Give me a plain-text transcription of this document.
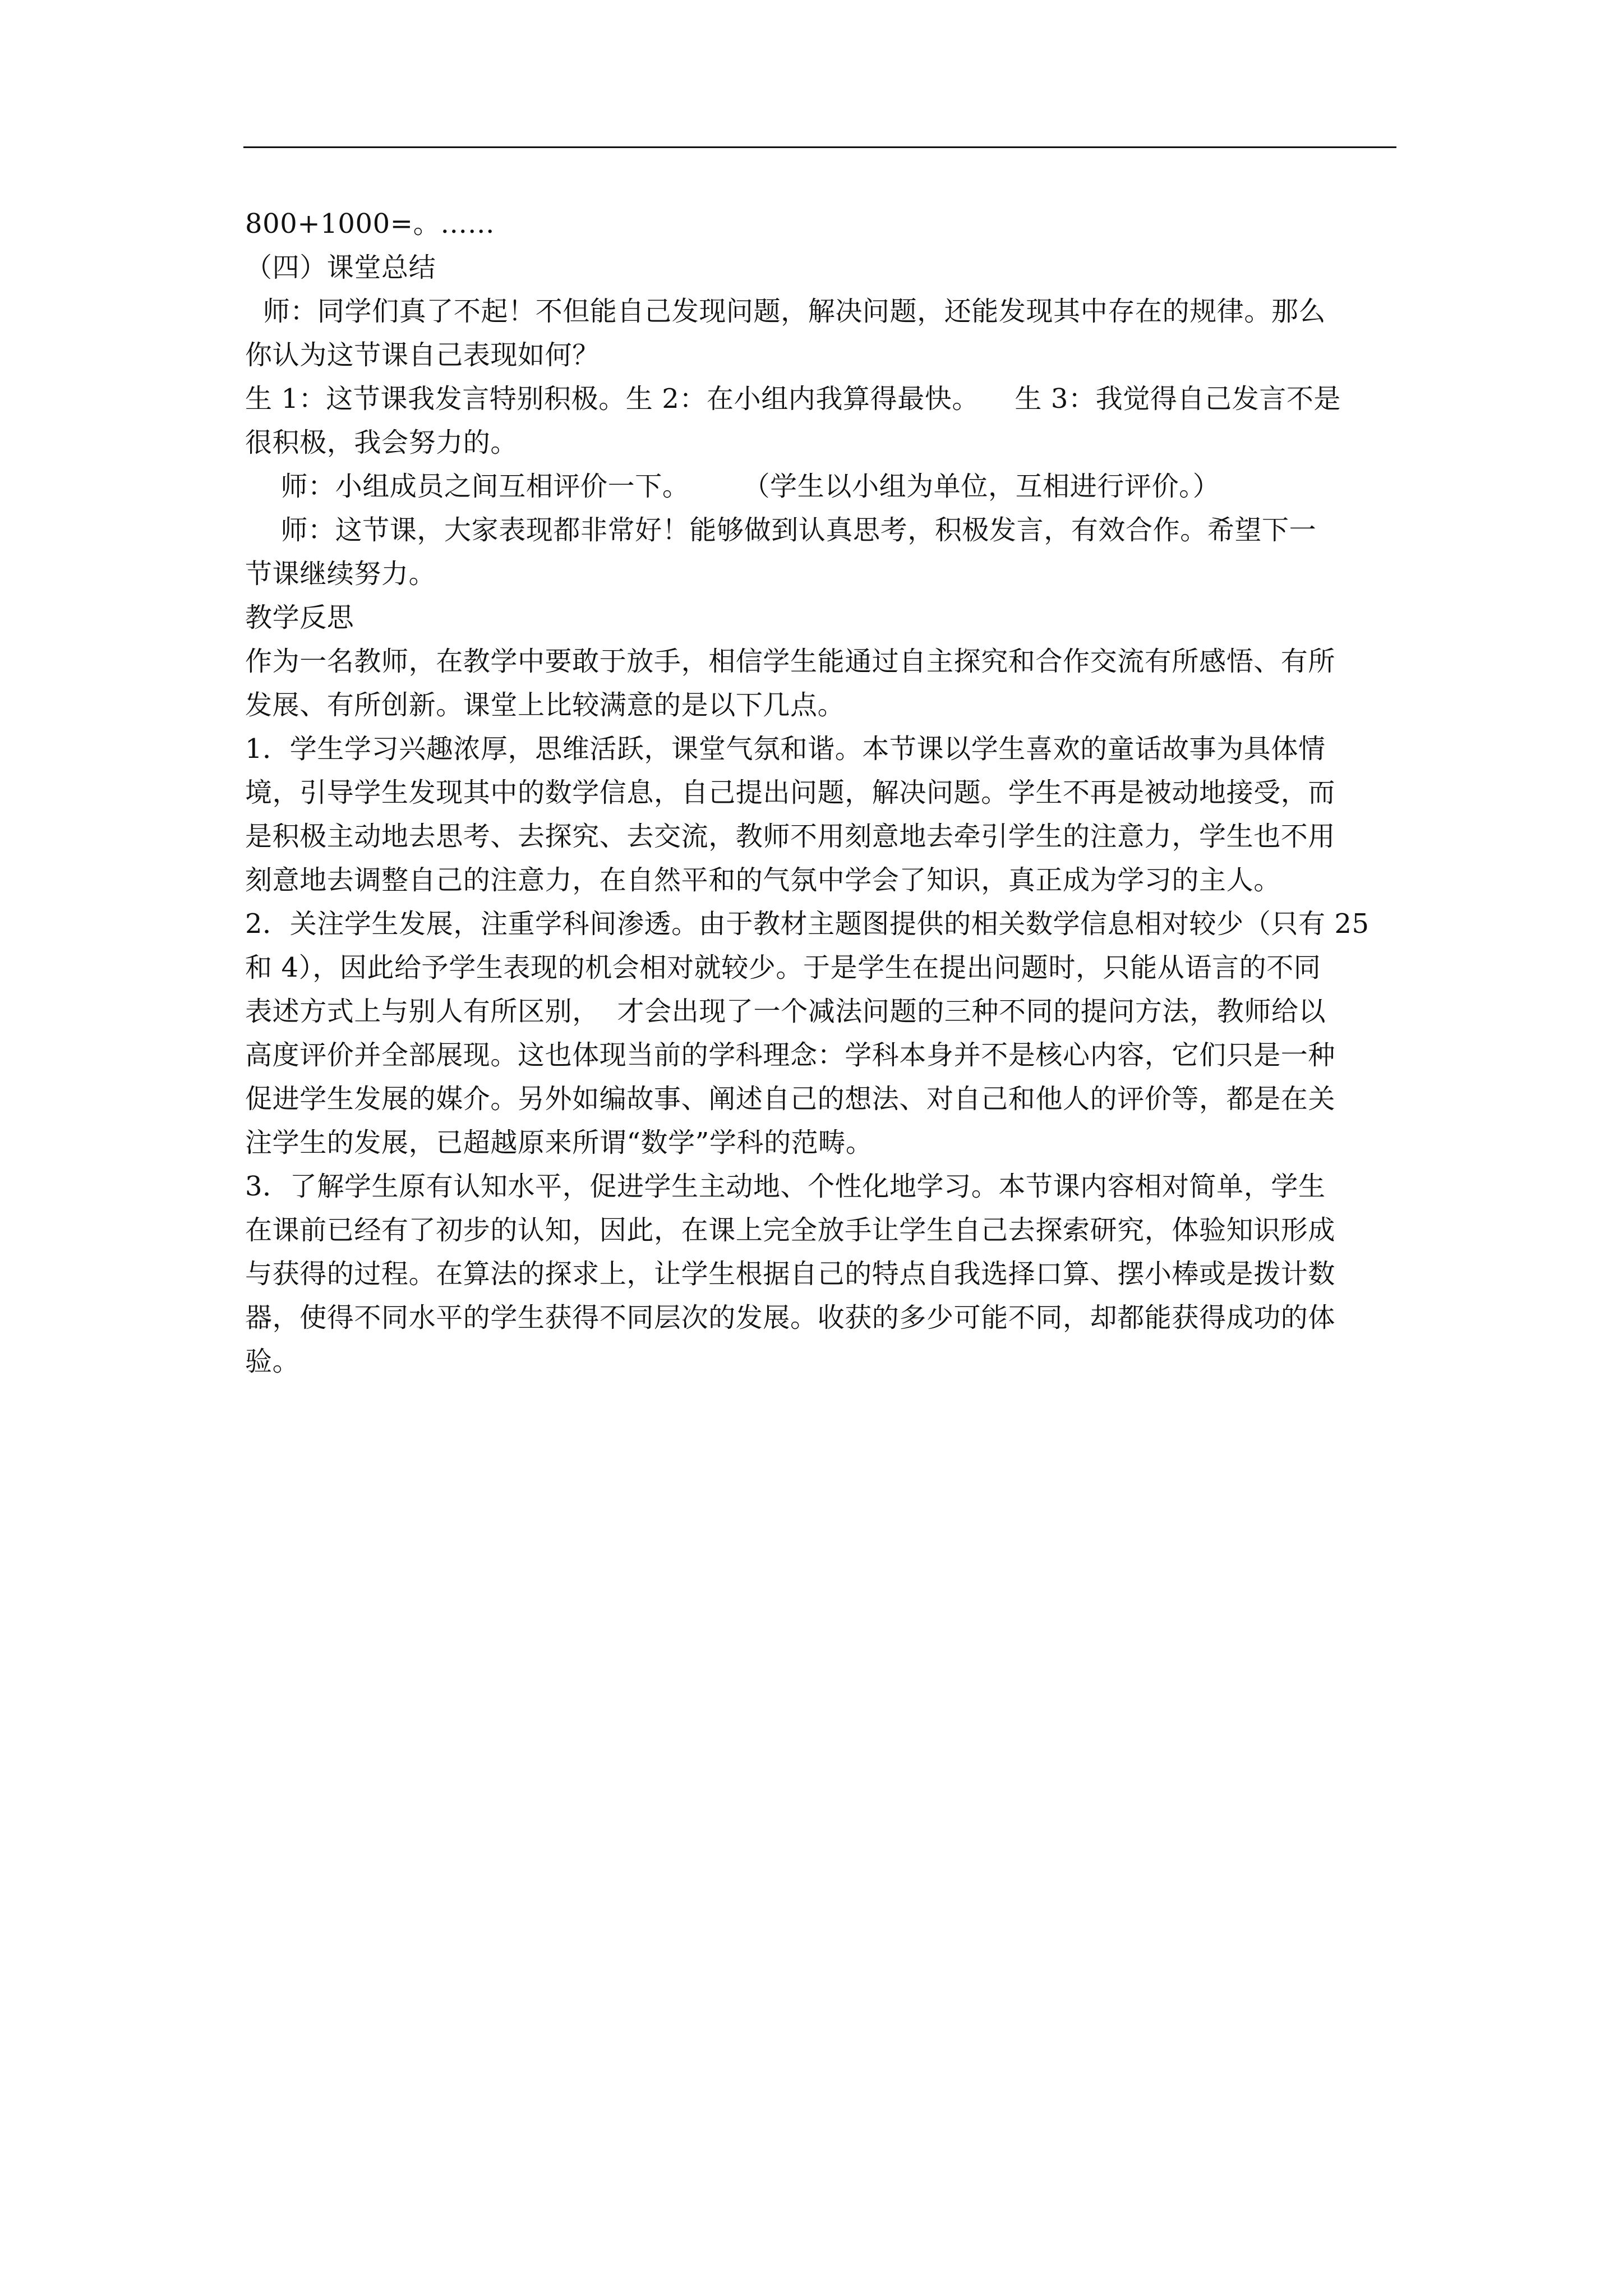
800+1000=。……
（四）课堂总结
师：同学们真了不起！不但能自己发现问题，解决问题，还能发现其中存在的规律。那么
你认为这节课自己表现如何？
生 1：这节课我发言特别积极。生 2：在小组内我算得最快。    生 3：我觉得自己发言不是
很积极，我会努力的。
师：小组成员之间互相评价一下。      （学生以小组为单位，互相进行评价。）
师：这节课，大家表现都非常好！能够做到认真思考，积极发言，有效合作。希望下一
节课继续努力。
教学反思
作为一名教师，在教学中要敢于放手，相信学生能通过自主探究和合作交流有所感悟、有所
发展、有所创新。课堂上比较满意的是以下几点。
1．学生学习兴趣浓厚，思维活跃，课堂气氛和谐。本节课以学生喜欢的童话故事为具体情
境，引导学生发现其中的数学信息，自己提出问题，解决问题。学生不再是被动地接受，而
是积极主动地去思考、去探究、去交流，教师不用刻意地去牵引学生的注意力，学生也不用
刻意地去调整自己的注意力，在自然平和的气氛中学会了知识，真正成为学习的主人。
2．关注学生发展，注重学科间渗透。由于教材主题图提供的相关数学信息相对较少（只有 25
和 4），因此给予学生表现的机会相对就较少。于是学生在提出问题时，只能从语言的不同
表述方式上与别人有所区别，  才会出现了一个减法问题的三种不同的提问方法，教师给以
高度评价并全部展现。这也体现当前的学科理念：学科本身并不是核心内容，它们只是一种
促进学生发展的媒介。另外如编故事、阐述自己的想法、对自己和他人的评价等，都是在关
注学生的发展，已超越原来所谓“数学”学科的范畴。
3．了解学生原有认知水平，促进学生主动地、个性化地学习。本节课内容相对简单，学生
在课前已经有了初步的认知，因此，在课上完全放手让学生自己去探索研究，体验知识形成
与获得的过程。在算法的探求上，让学生根据自己的特点自我选择口算、摆小棒或是拨计数
器，使得不同水平的学生获得不同层次的发展。收获的多少可能不同，却都能获得成功的体
验。
